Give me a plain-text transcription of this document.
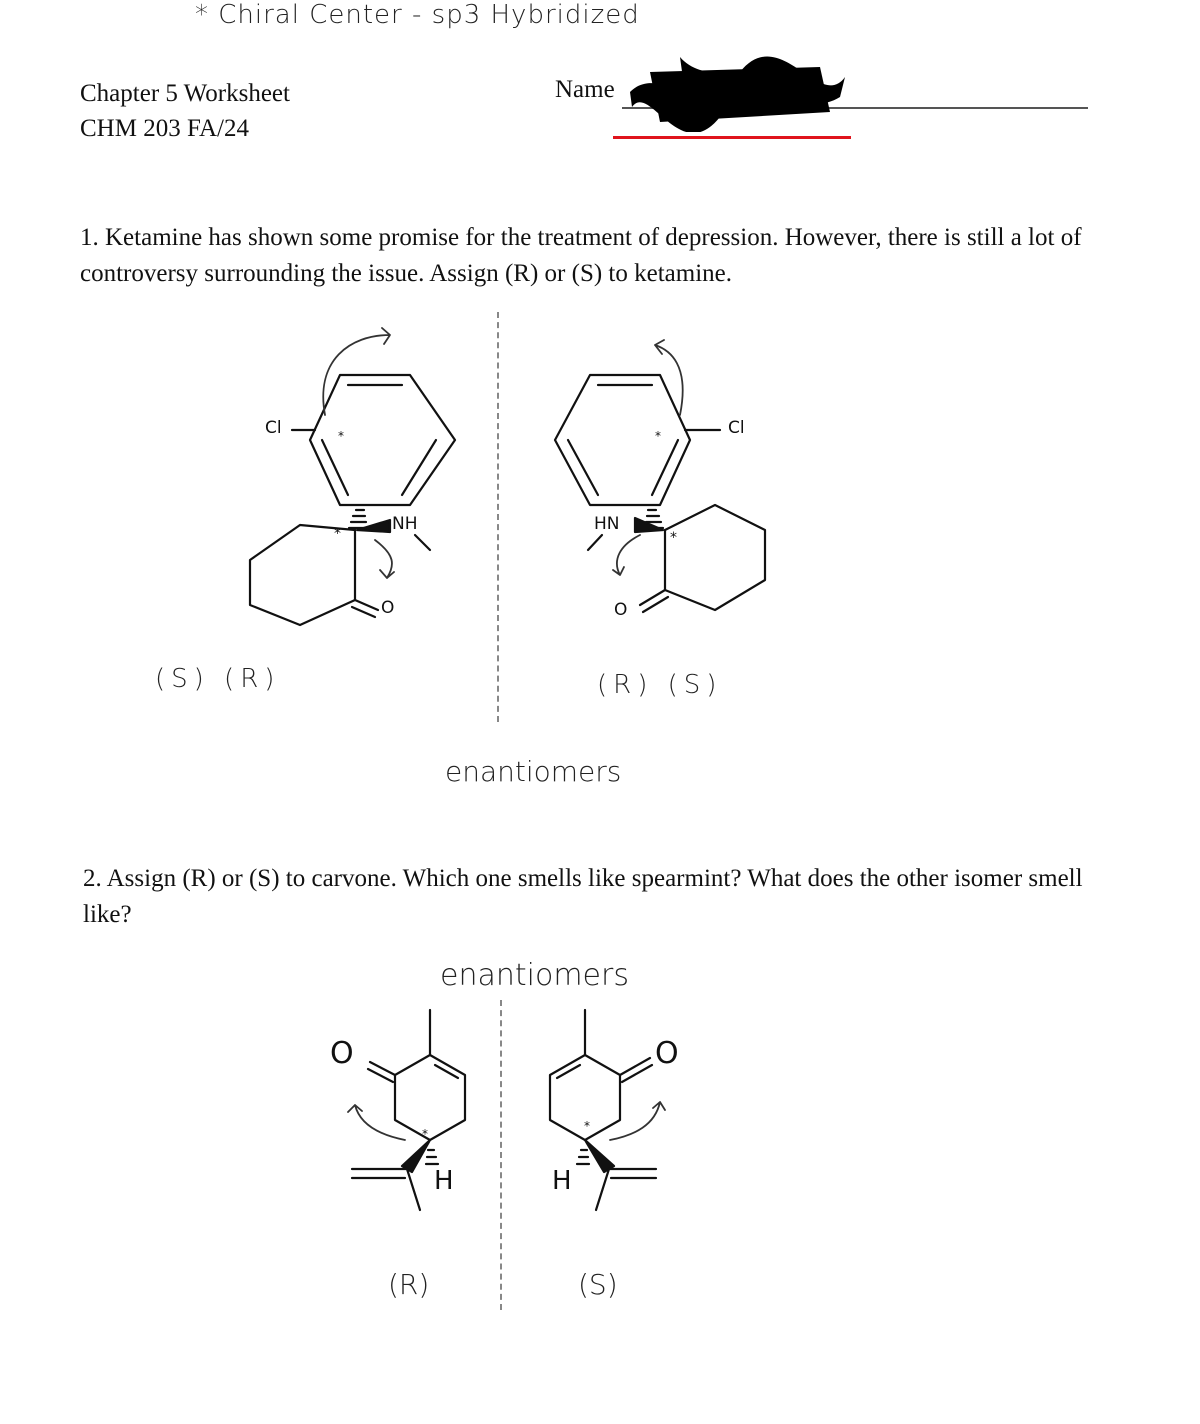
* Chiral Center - sp3 Hybridized
Chapter 5 Worksheet
CHM 203 FA/24
Name
1. Ketamine has shown some promise for the treatment of depression. However, there is still a lot of controversy surrounding the issue. Assign (R) or (S) to ketamine.
*
*
Cl
NH
O
(S) (R)
*
*
Cl
HN
O
(R) (S)
enantiomers
2. Assign (R) or (S) to carvone. Which one smells like spearmint? What does the other isomer smell like?
enantiomers
*
O
H
(R)
*
O
H
(S)
